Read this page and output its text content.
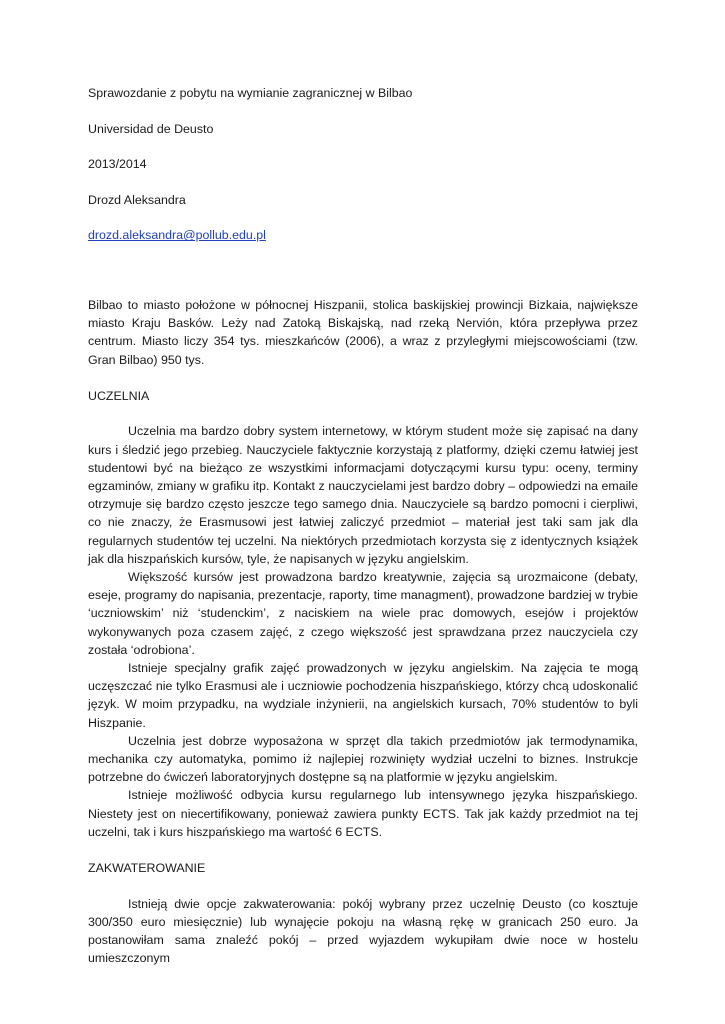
Sprawozdanie z pobytu na wymianie zagranicznej w Bilbao

Universidad de Deusto

2013/2014

Drozd Aleksandra

drozd.aleksandra@pollub.edu.pl

Bilbao to miasto położone w północnej Hiszpanii, stolica baskijskiej prowincji Bizkaia, największe miasto Kraju Basków. Leży nad Zatoką Biskajską, nad rzeką Nervión, która przepływa przez centrum. Miasto liczy 354 tys. mieszkańców (2006), a wraz z przyległymi miejscowościami (tzw. Gran Bilbao) 950 tys.

UCZELNIA

Uczelnia ma bardzo dobry system internetowy, w którym student może się zapisać na dany kurs i śledzić jego przebieg. Nauczyciele faktycznie korzystają z platformy, dzięki czemu łatwiej jest studentowi być na bieżąco ze wszystkimi informacjami dotyczącymi kursu typu: oceny, terminy egzaminów, zmiany w grafiku itp. Kontakt z nauczycielami jest bardzo dobry – odpowiedzi na emaile otrzymuje się bardzo często jeszcze tego samego dnia. Nauczyciele są bardzo pomocni i cierpliwi, co nie znaczy, że Erasmusowi jest łatwiej zaliczyć przedmiot – materiał jest taki sam jak dla regularnych studentów tej uczelni. Na niektórych przedmiotach korzysta się z identycznych książek jak dla hiszpańskich kursów, tyle, że napisanych w języku angielskim.

Większość kursów jest prowadzona bardzo kreatywnie, zajęcia są urozmaicone (debaty, eseje, programy do napisania, prezentacje, raporty, time managment), prowadzone bardziej w trybie ‘uczniowskim’ niż ‘studenckim’, z naciskiem na wiele prac domowych, esejów i projektów wykonywanych poza czasem zajęć, z czego większość jest sprawdzana przez nauczyciela czy została ‘odrobiona’.

Istnieje specjalny grafik zajęć prowadzonych w języku angielskim. Na zajęcia te mogą uczęszczać nie tylko Erasmusi ale i uczniowie pochodzenia hiszpańskiego, którzy chcą udoskonalić język. W moim przypadku, na wydziale inżynierii, na angielskich kursach, 70% studentów to byli Hiszpanie.

Uczelnia jest dobrze wyposażona w sprzęt dla takich przedmiotów jak termodynamika, mechanika czy automatyka, pomimo iż najlepiej rozwinięty wydział uczelni to biznes. Instrukcje potrzebne do ćwiczeń laboratoryjnych dostępne są na platformie w języku angielskim.

Istnieje możliwość odbycia kursu regularnego lub intensywnego języka hiszpańskiego. Niestety jest on niecertifikowany, ponieważ zawiera punkty ECTS. Tak jak każdy przedmiot na tej uczelni, tak i kurs hiszpańskiego ma wartość 6 ECTS.

ZAKWATEROWANIE

Istnieją dwie opcje zakwaterowania: pokój wybrany przez uczelnię Deusto (co kosztuje 300/350 euro miesięcznie) lub wynajęcie pokoju na własną rękę w granicach 250 euro. Ja postanowiłam sama znaleźć pokój – przed wyjazdem wykupiłam dwie noce w hostelu umieszczonym
